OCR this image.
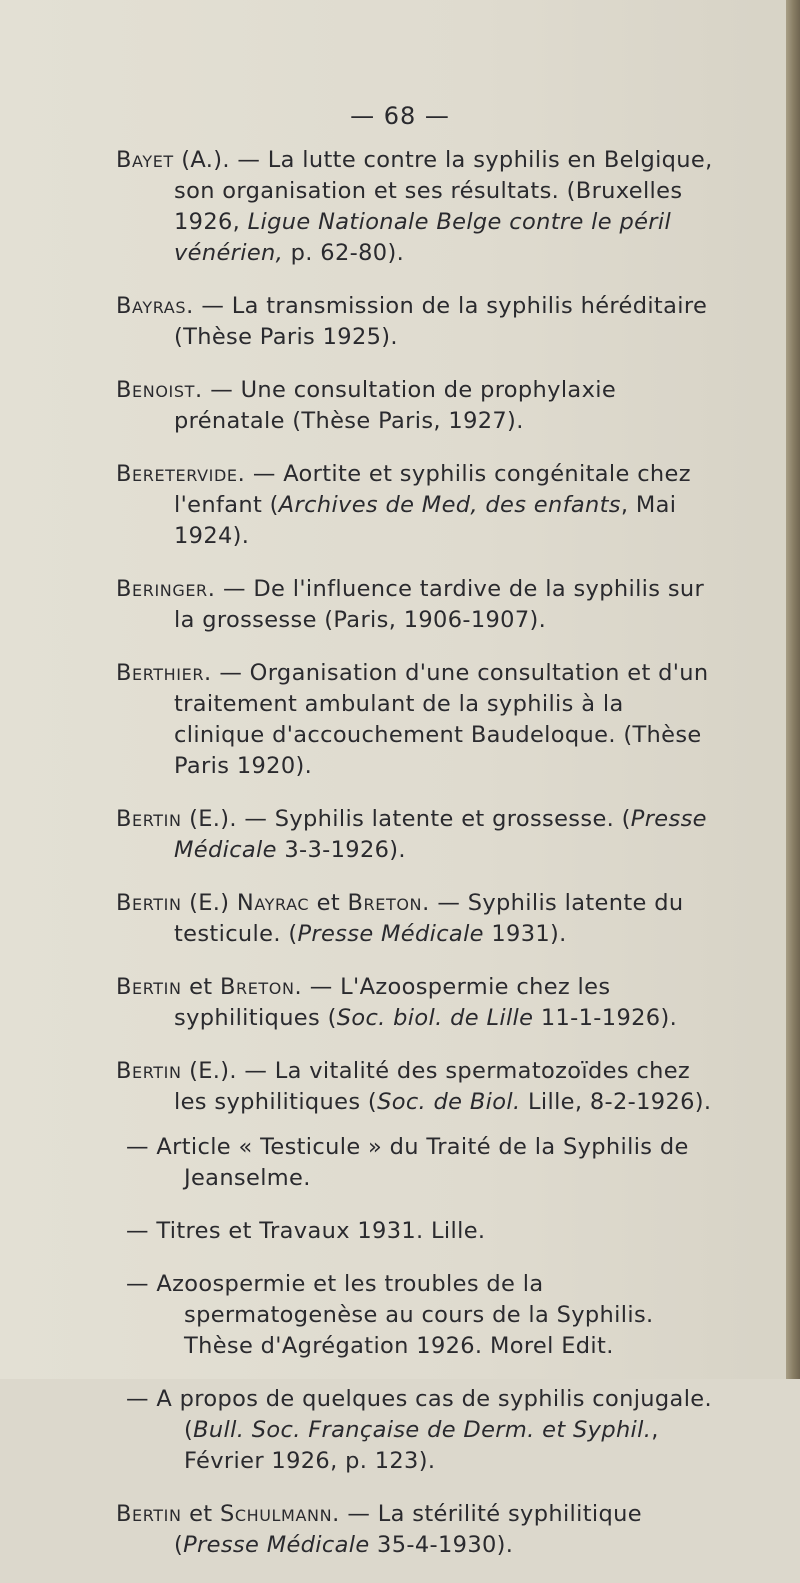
— 68 —

Bayet (A.). — La lutte contre la syphilis en Belgique, son organisation et ses résultats. (Bruxelles 1926, Ligue Nationale Belge contre le péril vénérien, p. 62-80).

Bayras. — La transmission de la syphilis héréditaire (Thèse Paris 1925).

Benoist. — Une consultation de prophylaxie prénatale (Thèse Paris, 1927).

Beretervide. — Aortite et syphilis congénitale chez l'enfant (Archives de Med, des enfants, Mai 1924).

Beringer. — De l'influence tardive de la syphilis sur la grossesse (Paris, 1906-1907).

Berthier. — Organisation d'une consultation et d'un traitement ambulant de la syphilis à la clinique d'accouchement Baudeloque. (Thèse Paris 1920).

Bertin (E.). — Syphilis latente et grossesse. (Presse Médicale 3-3-1926).

Bertin (E.) Nayrac et Breton. — Syphilis latente du testicule. (Presse Médicale 1931).

Bertin et Breton. — L'Azoospermie chez les syphilitiques (Soc. biol. de Lille 11-1-1926).

Bertin (E.). — La vitalité des spermatozoïdes chez les syphilitiques (Soc. de Biol. Lille, 8-2-1926).

— Article « Testicule » du Traité de la Syphilis de Jeanselme.

— Titres et Travaux 1931. Lille.

— Azoospermie et les troubles de la spermatogenèse au cours de la Syphilis. Thèse d'Agrégation 1926. Morel Edit.

— A propos de quelques cas de syphilis conjugale. (Bull. Soc. Française de Derm. et Syphil., Février 1926, p. 123).

Bertin et Schulmann. — La stérilité syphilitique (Presse Médicale 35-4-1930).
